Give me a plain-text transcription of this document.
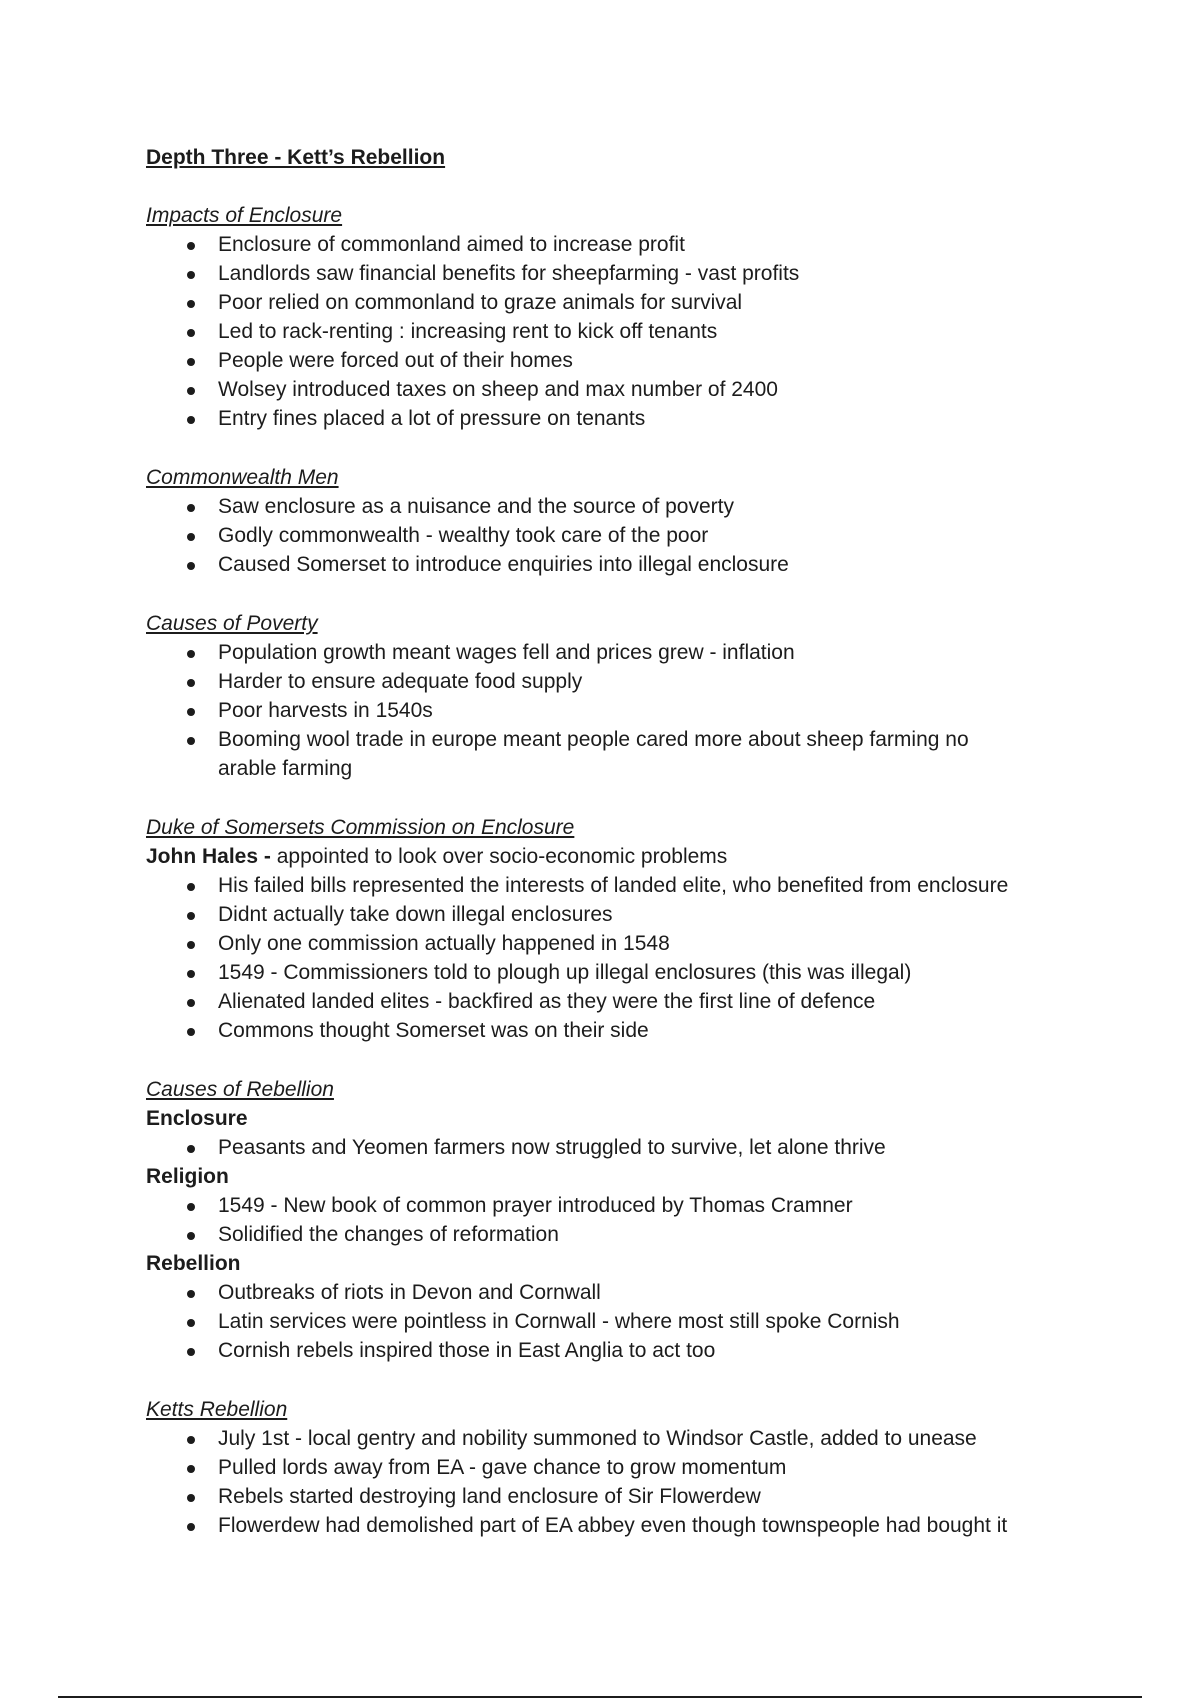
Depth Three - Kett’s Rebellion
Impacts of Enclosure
Enclosure of commonland aimed to increase profit
Landlords saw financial benefits for sheepfarming - vast profits
Poor relied on commonland to graze animals for survival
Led to rack-renting : increasing rent to kick off tenants
People were forced out of their homes
Wolsey introduced taxes on sheep and max number of 2400
Entry fines placed a lot of pressure on tenants
Commonwealth Men
Saw enclosure as a nuisance and the source of poverty
Godly commonwealth - wealthy took care of the poor
Caused Somerset to introduce enquiries into illegal enclosure
Causes of Poverty
Population growth meant wages fell and prices grew - inflation
Harder to ensure adequate food supply
Poor harvests in 1540s
Booming wool trade in europe meant people cared more about sheep farming no arable farming
Duke of Somersets Commission on Enclosure
John Hales - appointed to look over socio-economic problems
His failed bills represented the interests of landed elite, who benefited from enclosure
Didnt actually take down illegal enclosures
Only one commission actually happened in 1548
1549 - Commissioners told to plough up illegal enclosures (this was illegal)
Alienated landed elites - backfired as they were the first line of defence
Commons thought Somerset was on their side
Causes of Rebellion
Enclosure
Peasants and Yeomen farmers now struggled to survive, let alone thrive
Religion
1549 - New book of common prayer introduced by Thomas Cramner
Solidified the changes of reformation
Rebellion
Outbreaks of riots in Devon and Cornwall
Latin services were pointless in Cornwall - where most still spoke Cornish
Cornish rebels inspired those in East Anglia to act too
Ketts Rebellion
July 1st - local gentry and nobility summoned to Windsor Castle, added to unease
Pulled lords away from EA - gave chance to grow momentum
Rebels started destroying land enclosure of Sir Flowerdew
Flowerdew had demolished part of EA abbey even though townspeople had bought it
